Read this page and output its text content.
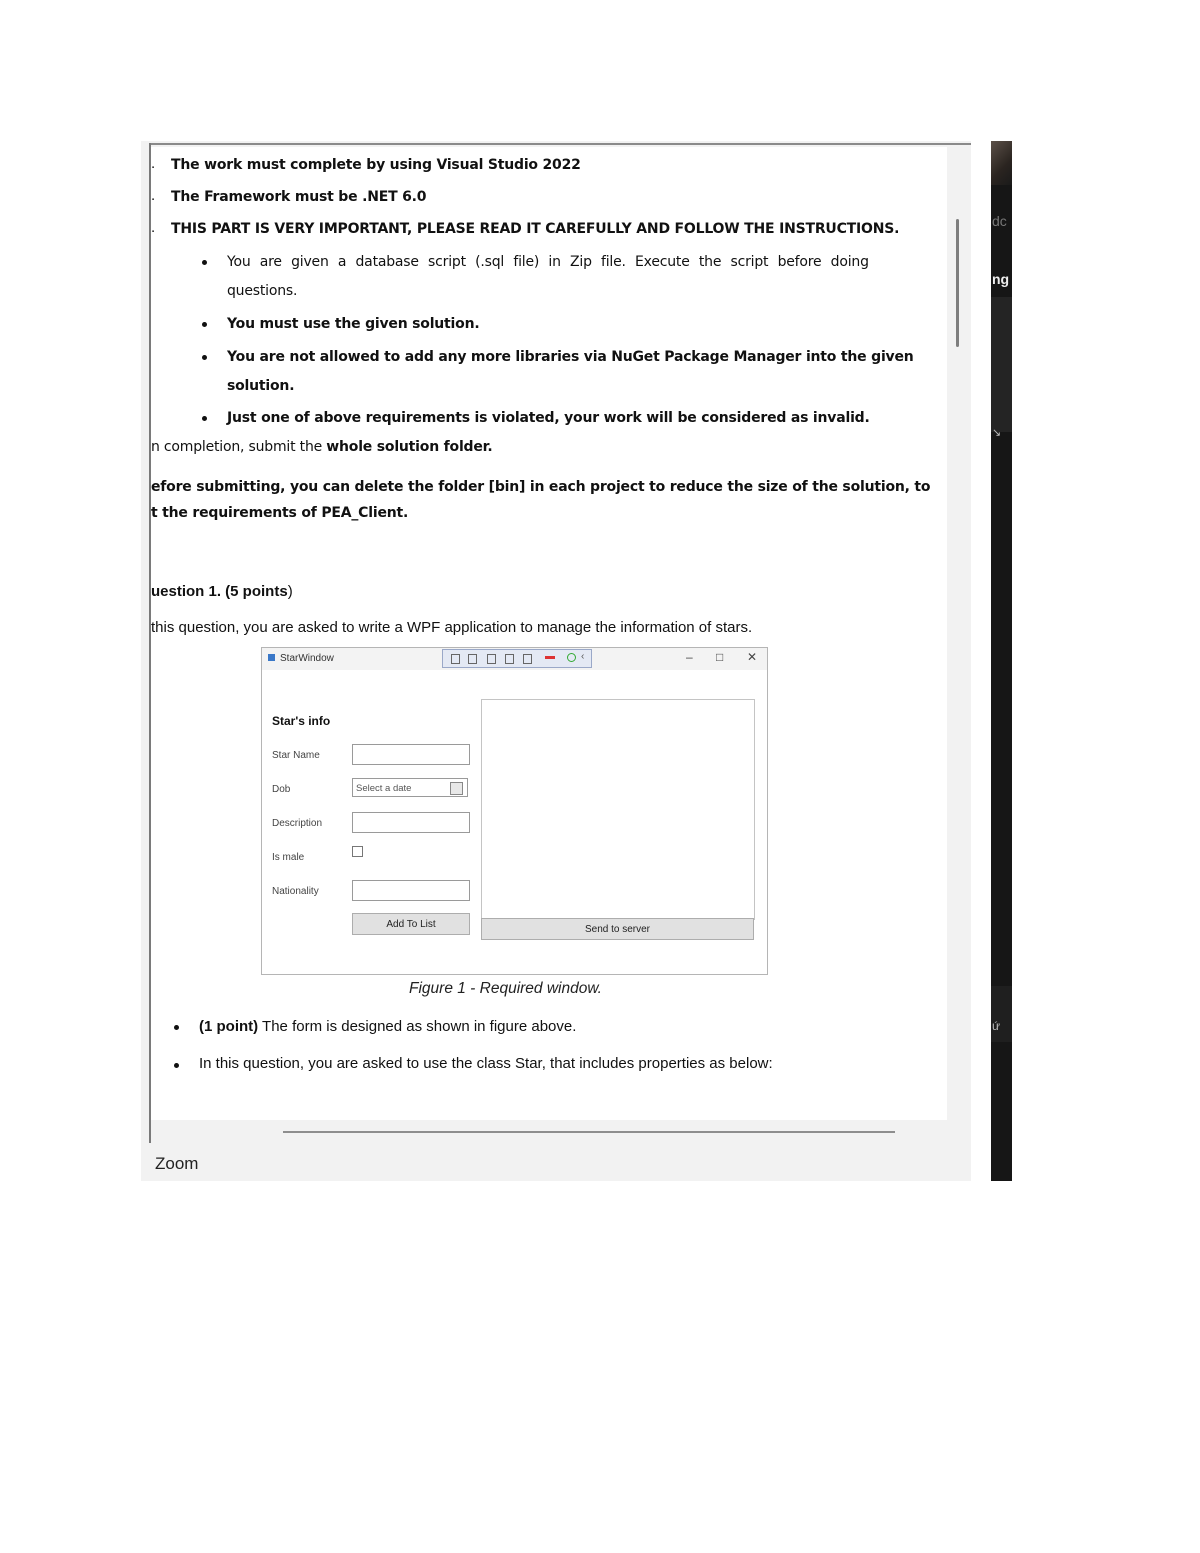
. The work must complete by using Visual Studio 2022
. The Framework must be .NET 6.0
. THIS PART IS VERY IMPORTANT, PLEASE READ IT CAREFULLY AND FOLLOW THE INSTRUCTIONS.
You are given a database script (.sql file) in Zip file. Execute the script before doing
questions.
You must use the given solution.
You are not allowed to add any more libraries via NuGet Package Manager into the given
solution.
Just one of above requirements is violated, your work will be considered as invalid.
n completion, submit the whole solution folder.
efore submitting, you can delete the folder [bin] in each project to reduce the size of the solution, to
t the requirements of PEA_Client.
uestion 1. (5 points)
this question, you are asked to write a WPF application to manage the information of stars.
StarWindow	‹	– □ ✕
Star's info
Star Name
Dob	Select a date
Description
Is male
Nationality
Add To List	Send to server
Figure 1 - Required window.
(1 point) The form is designed as shown in figure above.
In this question, you are asked to use the class Star, that includes properties as below:
Zoom
dc
ng
↘
ứ
